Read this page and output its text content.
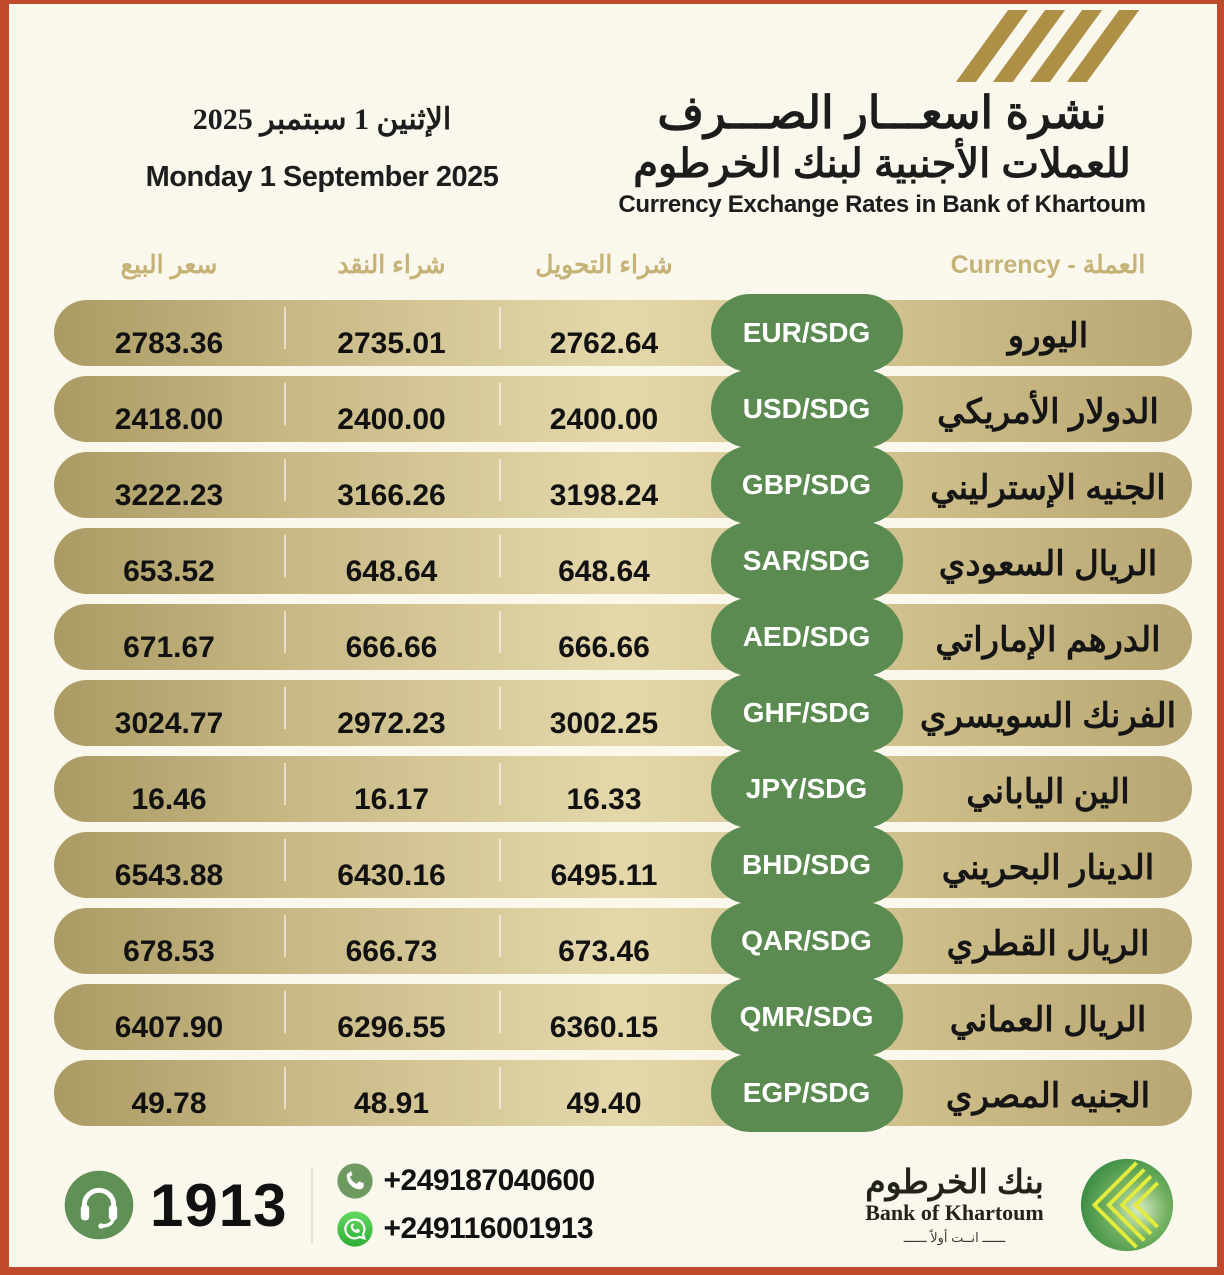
الإثنين 1 سبتمبر 2025
Monday 1 September 2025
نشرة اسعـــار الصـــرف
للعملات الأجنبية لبنك الخرطوم
Currency Exchange Rates in Bank of Khartoum
سعر البيع	شراء النقد	شراء التحويل	العملة - Currency
2783.36	2735.01	2762.64	EUR/SDG	اليورو
2418.00	2400.00	2400.00	USD/SDG	الدولار الأمريكي
3222.23	3166.26	3198.24	GBP/SDG	الجنيه الإسترليني
653.52	648.64	648.64	SAR/SDG	الريال السعودي
671.67	666.66	666.66	AED/SDG	الدرهم الإماراتي
3024.77	2972.23	3002.25	GHF/SDG	الفرنك السويسري
16.46	16.17	16.33	JPY/SDG	الين الياباني
6543.88	6430.16	6495.11	BHD/SDG	الدينار البحريني
678.53	666.73	673.46	QAR/SDG	الريال القطري
6407.90	6296.55	6360.15	QMR/SDG	الريال العماني
49.78	48.91	49.40	EGP/SDG	الجنيه المصري
1913	+249187040600
+249116001913
بنك الخرطوم
Bank of Khartoum
ــــــ انــت أولاً ــــــ
